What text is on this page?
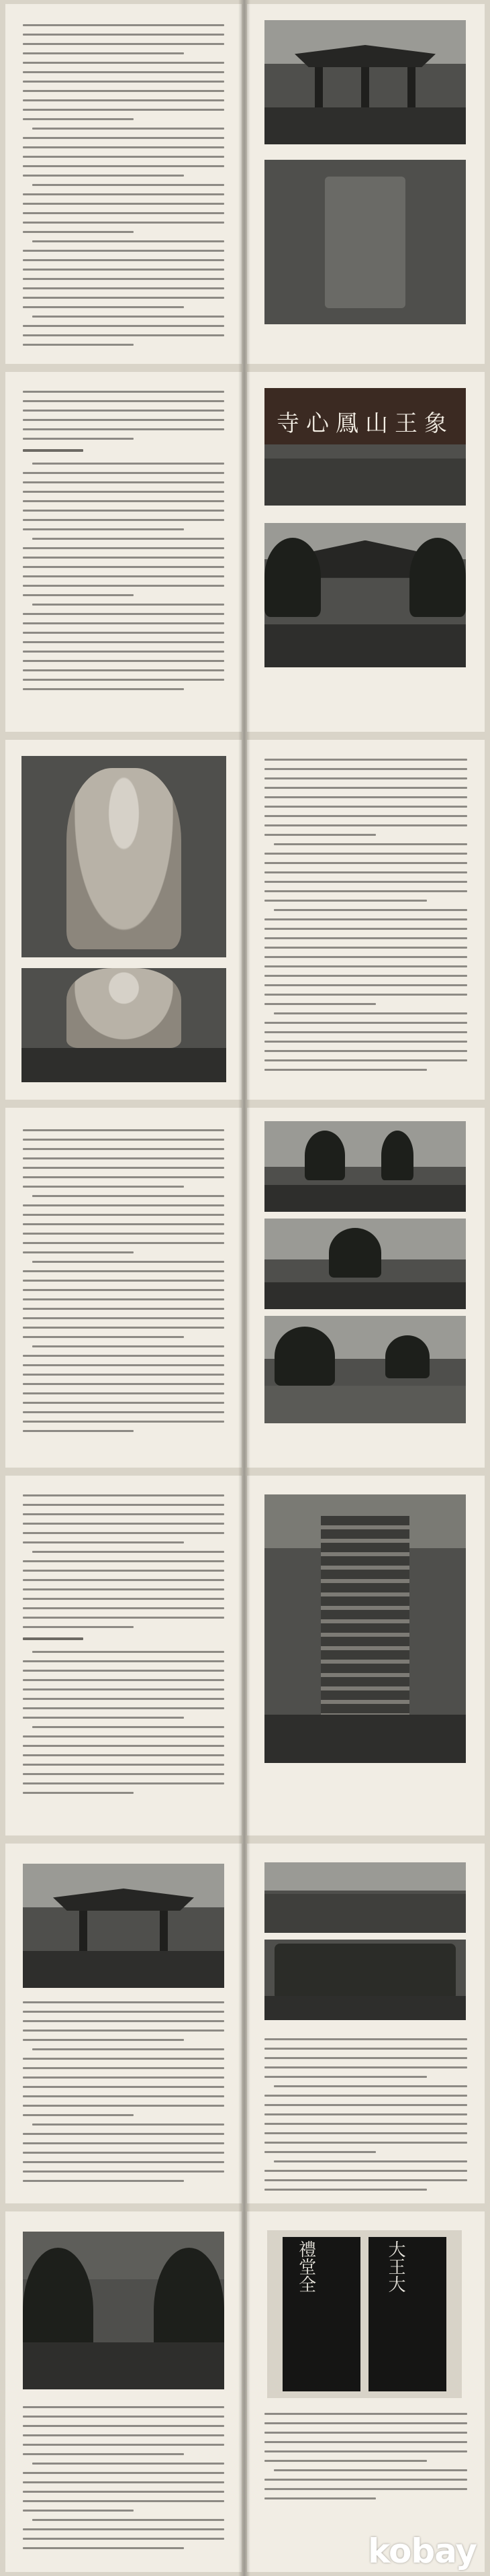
寺心鳳山王象
禮堂全	大王大
kobay
